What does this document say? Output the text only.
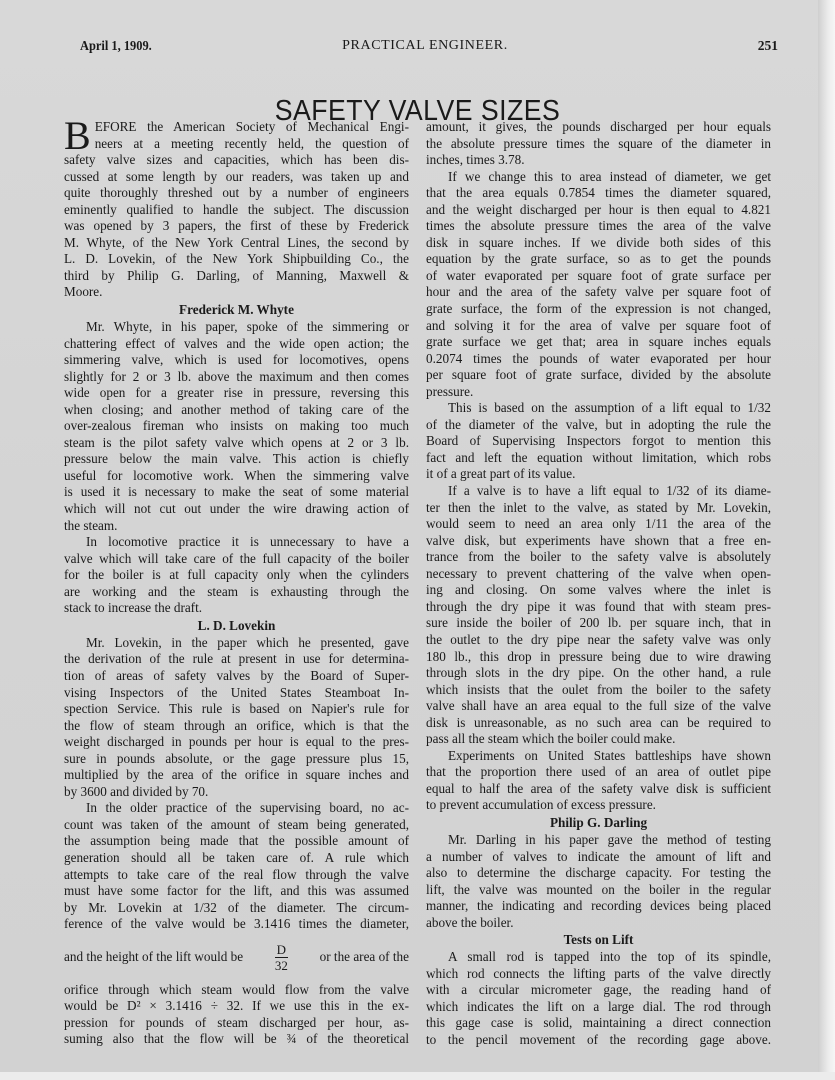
April 1, 1909.	PRACTICAL ENGINEER.	251
SAFETY VALVE SIZES
B EFORE the American Society of Mechanical Engi-
neers at a meeting recently held, the question of
safety valve sizes and capacities, which has been dis-
cussed at some length by our readers, was taken up and
quite thoroughly threshed out by a number of engineers
eminently qualified to handle the subject. The discussion
was opened by 3 papers, the first of these by Frederick
M. Whyte, of the New York Central Lines, the second by
L. D. Lovekin, of the New York Shipbuilding Co., the
third by Philip G. Darling, of Manning, Maxwell &
Moore.
Frederick M. Whyte
Mr. Whyte, in his paper, spoke of the simmering or
chattering effect of valves and the wide open action; the
simmering valve, which is used for locomotives, opens
slightly for 2 or 3 lb. above the maximum and then comes
wide open for a greater rise in pressure, reversing this
when closing; and another method of taking care of the
over-zealous fireman who insists on making too much
steam is the pilot safety valve which opens at 2 or 3 lb.
pressure below the main valve. This action is chiefly
useful for locomotive work. When the simmering valve
is used it is necessary to make the seat of some material
which will not cut out under the wire drawing action of
the steam.
In locomotive practice it is unnecessary to have a
valve which will take care of the full capacity of the boiler
for the boiler is at full capacity only when the cylinders
are working and the steam is exhausting through the
stack to increase the draft.
L. D. Lovekin
Mr. Lovekin, in the paper which he presented, gave
the derivation of the rule at present in use for determina-
tion of areas of safety valves by the Board of Super-
vising Inspectors of the United States Steamboat In-
spection Service. This rule is based on Napier's rule for
the flow of steam through an orifice, which is that the
weight discharged in pounds per hour is equal to the pres-
sure in pounds absolute, or the gage pressure plus 15,
multiplied by the area of the orifice in square inches and
by 3600 and divided by 70.
In the older practice of the supervising board, no ac-
count was taken of the amount of steam being generated,
the assumption being made that the possible amount of
generation should all be taken care of. A rule which
attempts to take care of the real flow through the valve
must have some factor for the lift, and this was assumed
by Mr. Lovekin at 1/32 of the diameter. The circum-
ference of the valve would be 3.1416 times the diameter,
and the height of the lift would be $\frac{D}{32}$ or the area of the
orifice through which steam would flow from the valve
would be D² × 3.1416 ÷ 32. If we use this in the ex-
pression for pounds of steam discharged per hour, as-
suming also that the flow will be ¾ of the theoretical
amount, it gives, the pounds discharged per hour equals
the absolute pressure times the square of the diameter in
inches, times 3.78.
If we change this to area instead of diameter, we get
that the area equals 0.7854 times the diameter squared,
and the weight discharged per hour is then equal to 4.821
times the absolute pressure times the area of the valve
disk in square inches. If we divide both sides of this
equation by the grate surface, so as to get the pounds
of water evaporated per square foot of grate surface per
hour and the area of the safety valve per square foot of
grate surface, the form of the expression is not changed,
and solving it for the area of valve per square foot of
grate surface we get that; area in square inches equals
0.2074 times the pounds of water evaporated per hour
per square foot of grate surface, divided by the absolute
pressure.
This is based on the assumption of a lift equal to 1/32
of the diameter of the valve, but in adopting the rule the
Board of Supervising Inspectors forgot to mention this
fact and left the equation without limitation, which robs
it of a great part of its value.
If a valve is to have a lift equal to 1/32 of its diame-
ter then the inlet to the valve, as stated by Mr. Lovekin,
would seem to need an area only 1/11 the area of the
valve disk, but experiments have shown that a free en-
trance from the boiler to the safety valve is absolutely
necessary to prevent chattering of the valve when open-
ing and closing. On some valves where the inlet is
through the dry pipe it was found that with steam pres-
sure inside the boiler of 200 lb. per square inch, that in
the outlet to the dry pipe near the safety valve was only
180 lb., this drop in pressure being due to wire drawing
through slots in the dry pipe. On the other hand, a rule
which insists that the oulet from the boiler to the safety
valve shall have an area equal to the full size of the valve
disk is unreasonable, as no such area can be required to
pass all the steam which the boiler could make.
Experiments on United States battleships have shown
that the proportion there used of an area of outlet pipe
equal to half the area of the safety valve disk is sufficient
to prevent accumulation of excess pressure.
Philip G. Darling
Mr. Darling in his paper gave the method of testing
a number of valves to indicate the amount of lift and
also to determine the discharge capacity. For testing the
lift, the valve was mounted on the boiler in the regular
manner, the indicating and recording devices being placed
above the boiler.
Tests on Lift
A small rod is tapped into the top of its spindle,
which rod connects the lifting parts of the valve directly
with a circular micrometer gage, the reading hand of
which indicates the lift on a large dial. The rod through
this gage case is solid, maintaining a direct connection
to the pencil movement of the recording gage above.
